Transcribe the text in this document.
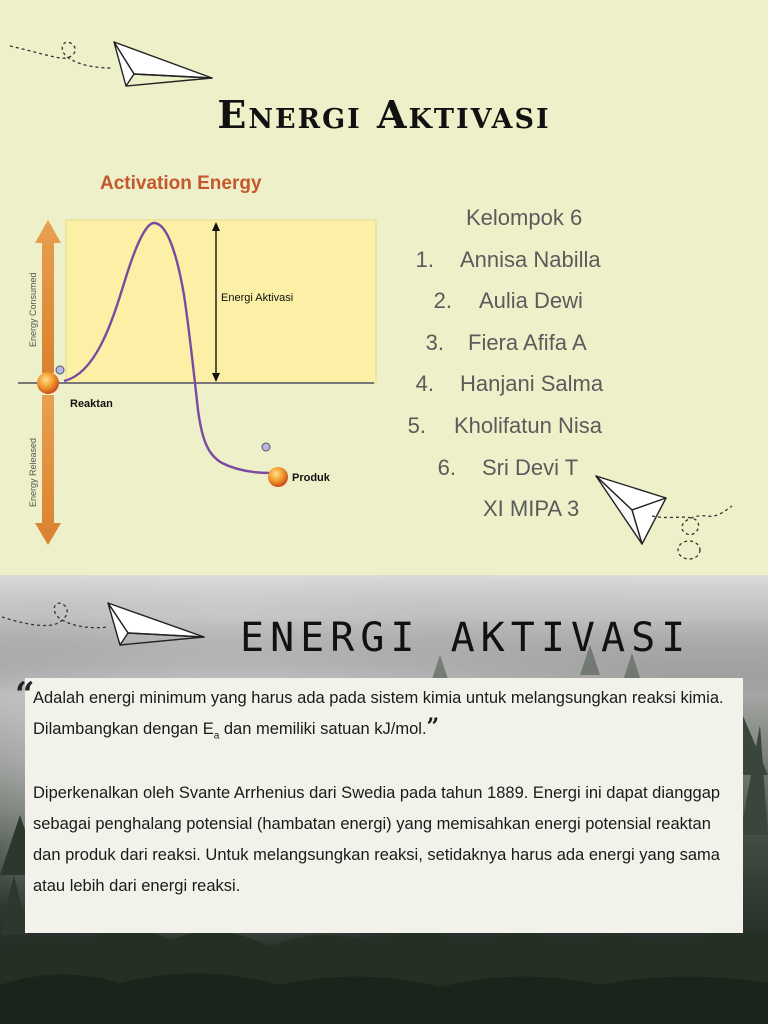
Energi Aktivasi
Activation Energy
Energy Consumed
Energy Released
Energi Aktivasi
Reaktan
Produk
Kelompok 6
1. Annisa Nabilla
2. Aulia Dewi
3. Fiera Afifa A
4. Hanjani Salma
5. Kholifatun Nisa
6. Sri Devi T
XI MIPA 3
ENERGI AKTIVASI
“
Adalah energi minimum yang harus ada pada sistem kimia untuk melangsungkan reaksi kimia. Dilambangkan dengan $E_a$ dan memiliki satuan kJ/mol.”
Diperkenalkan oleh Svante Arrhenius dari Swedia pada tahun 1889. Energi ini dapat dianggap sebagai penghalang potensial (hambatan energi) yang memisahkan energi potensial reaktan dan produk dari reaksi. Untuk melangsungkan reaksi, setidaknya harus ada energi yang sama atau lebih dari energi reaksi.
